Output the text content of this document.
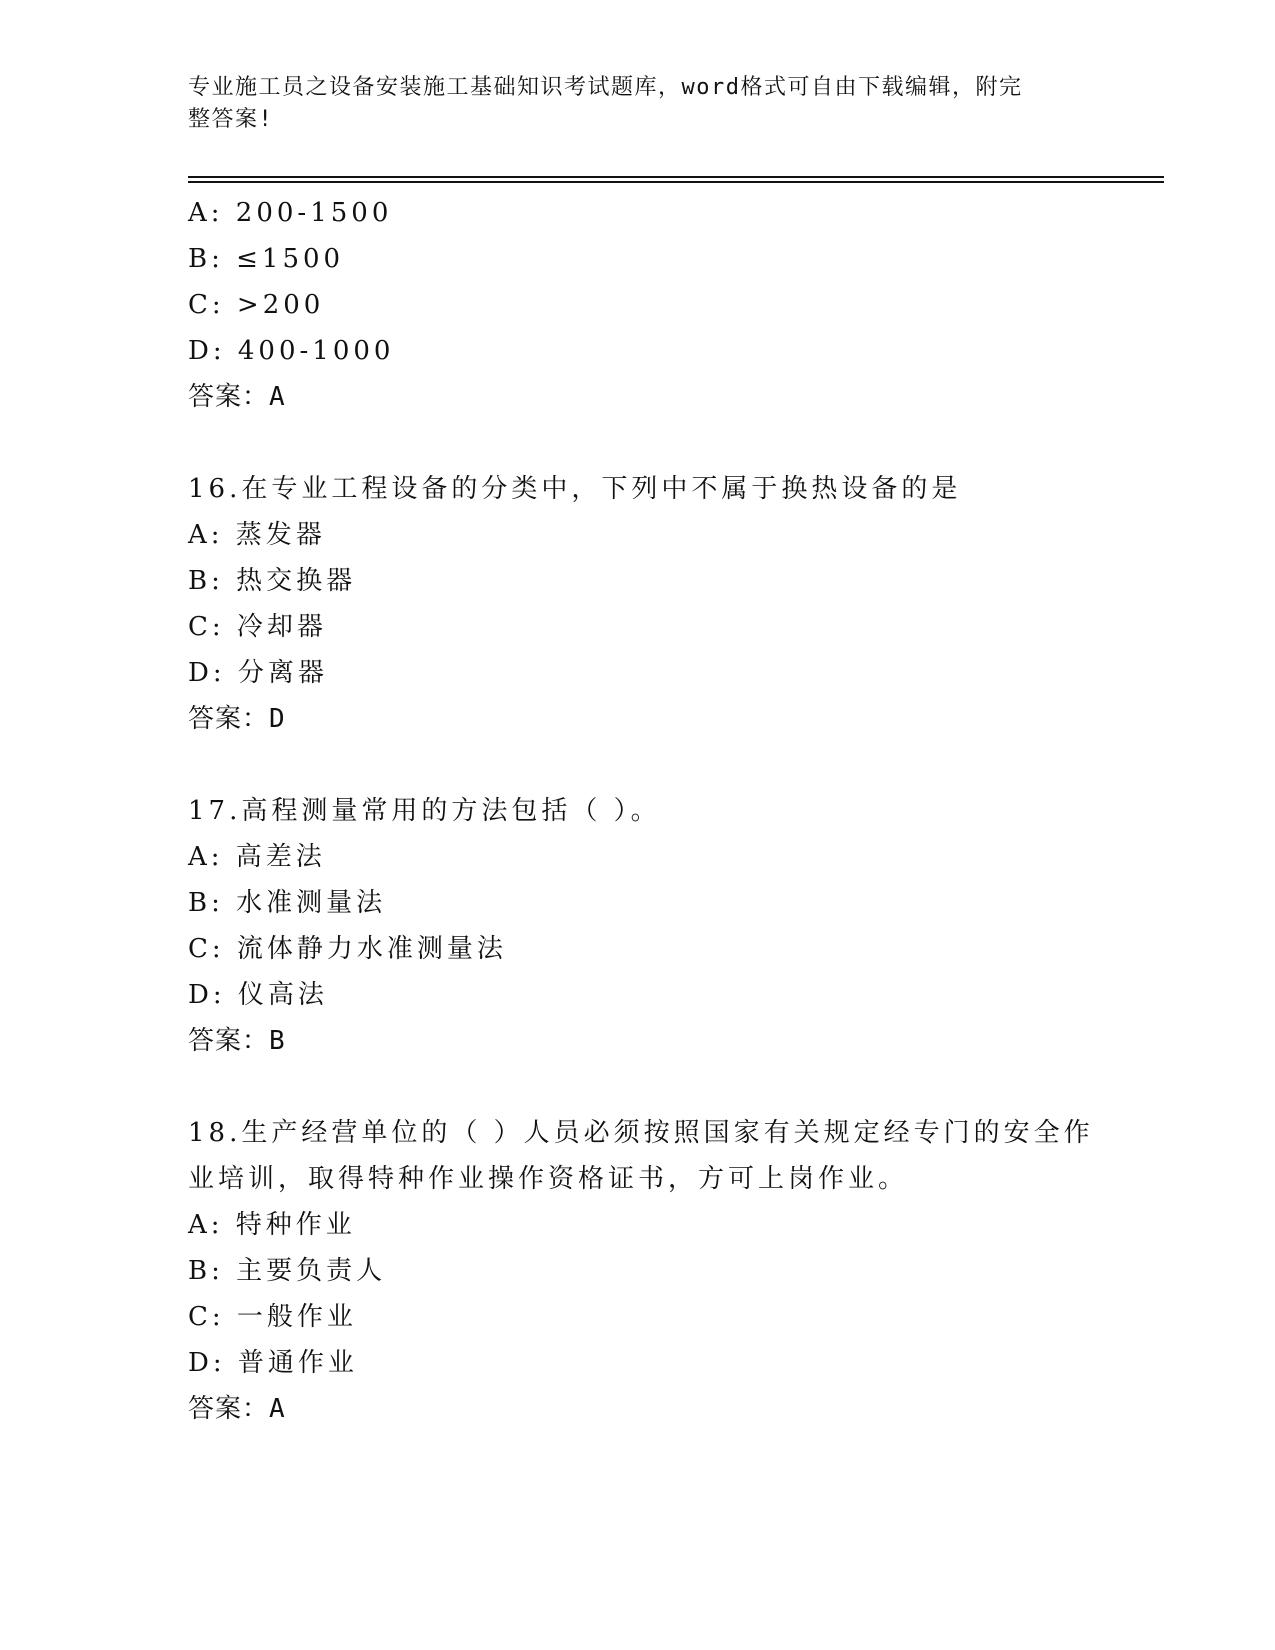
专业施工员之设备安装施工基础知识考试题库，word格式可自由下载编辑，附完
整答案!
A: 200-1500
B: ≤1500
C: >200
D: 400-1000
答案：A
16.在专业工程设备的分类中，下列中不属于换热设备的是
A: 蒸发器
B: 热交换器
C: 冷却器
D: 分离器
答案：D
17.高程测量常用的方法包括（ ）。
A: 高差法
B: 水准测量法
C: 流体静力水准测量法
D: 仪高法
答案：B
18.生产经营单位的（ ）人员必须按照国家有关规定经专门的安全作
业培训，取得特种作业操作资格证书，方可上岗作业。
A: 特种作业
B: 主要负责人
C: 一般作业
D: 普通作业
答案：A
